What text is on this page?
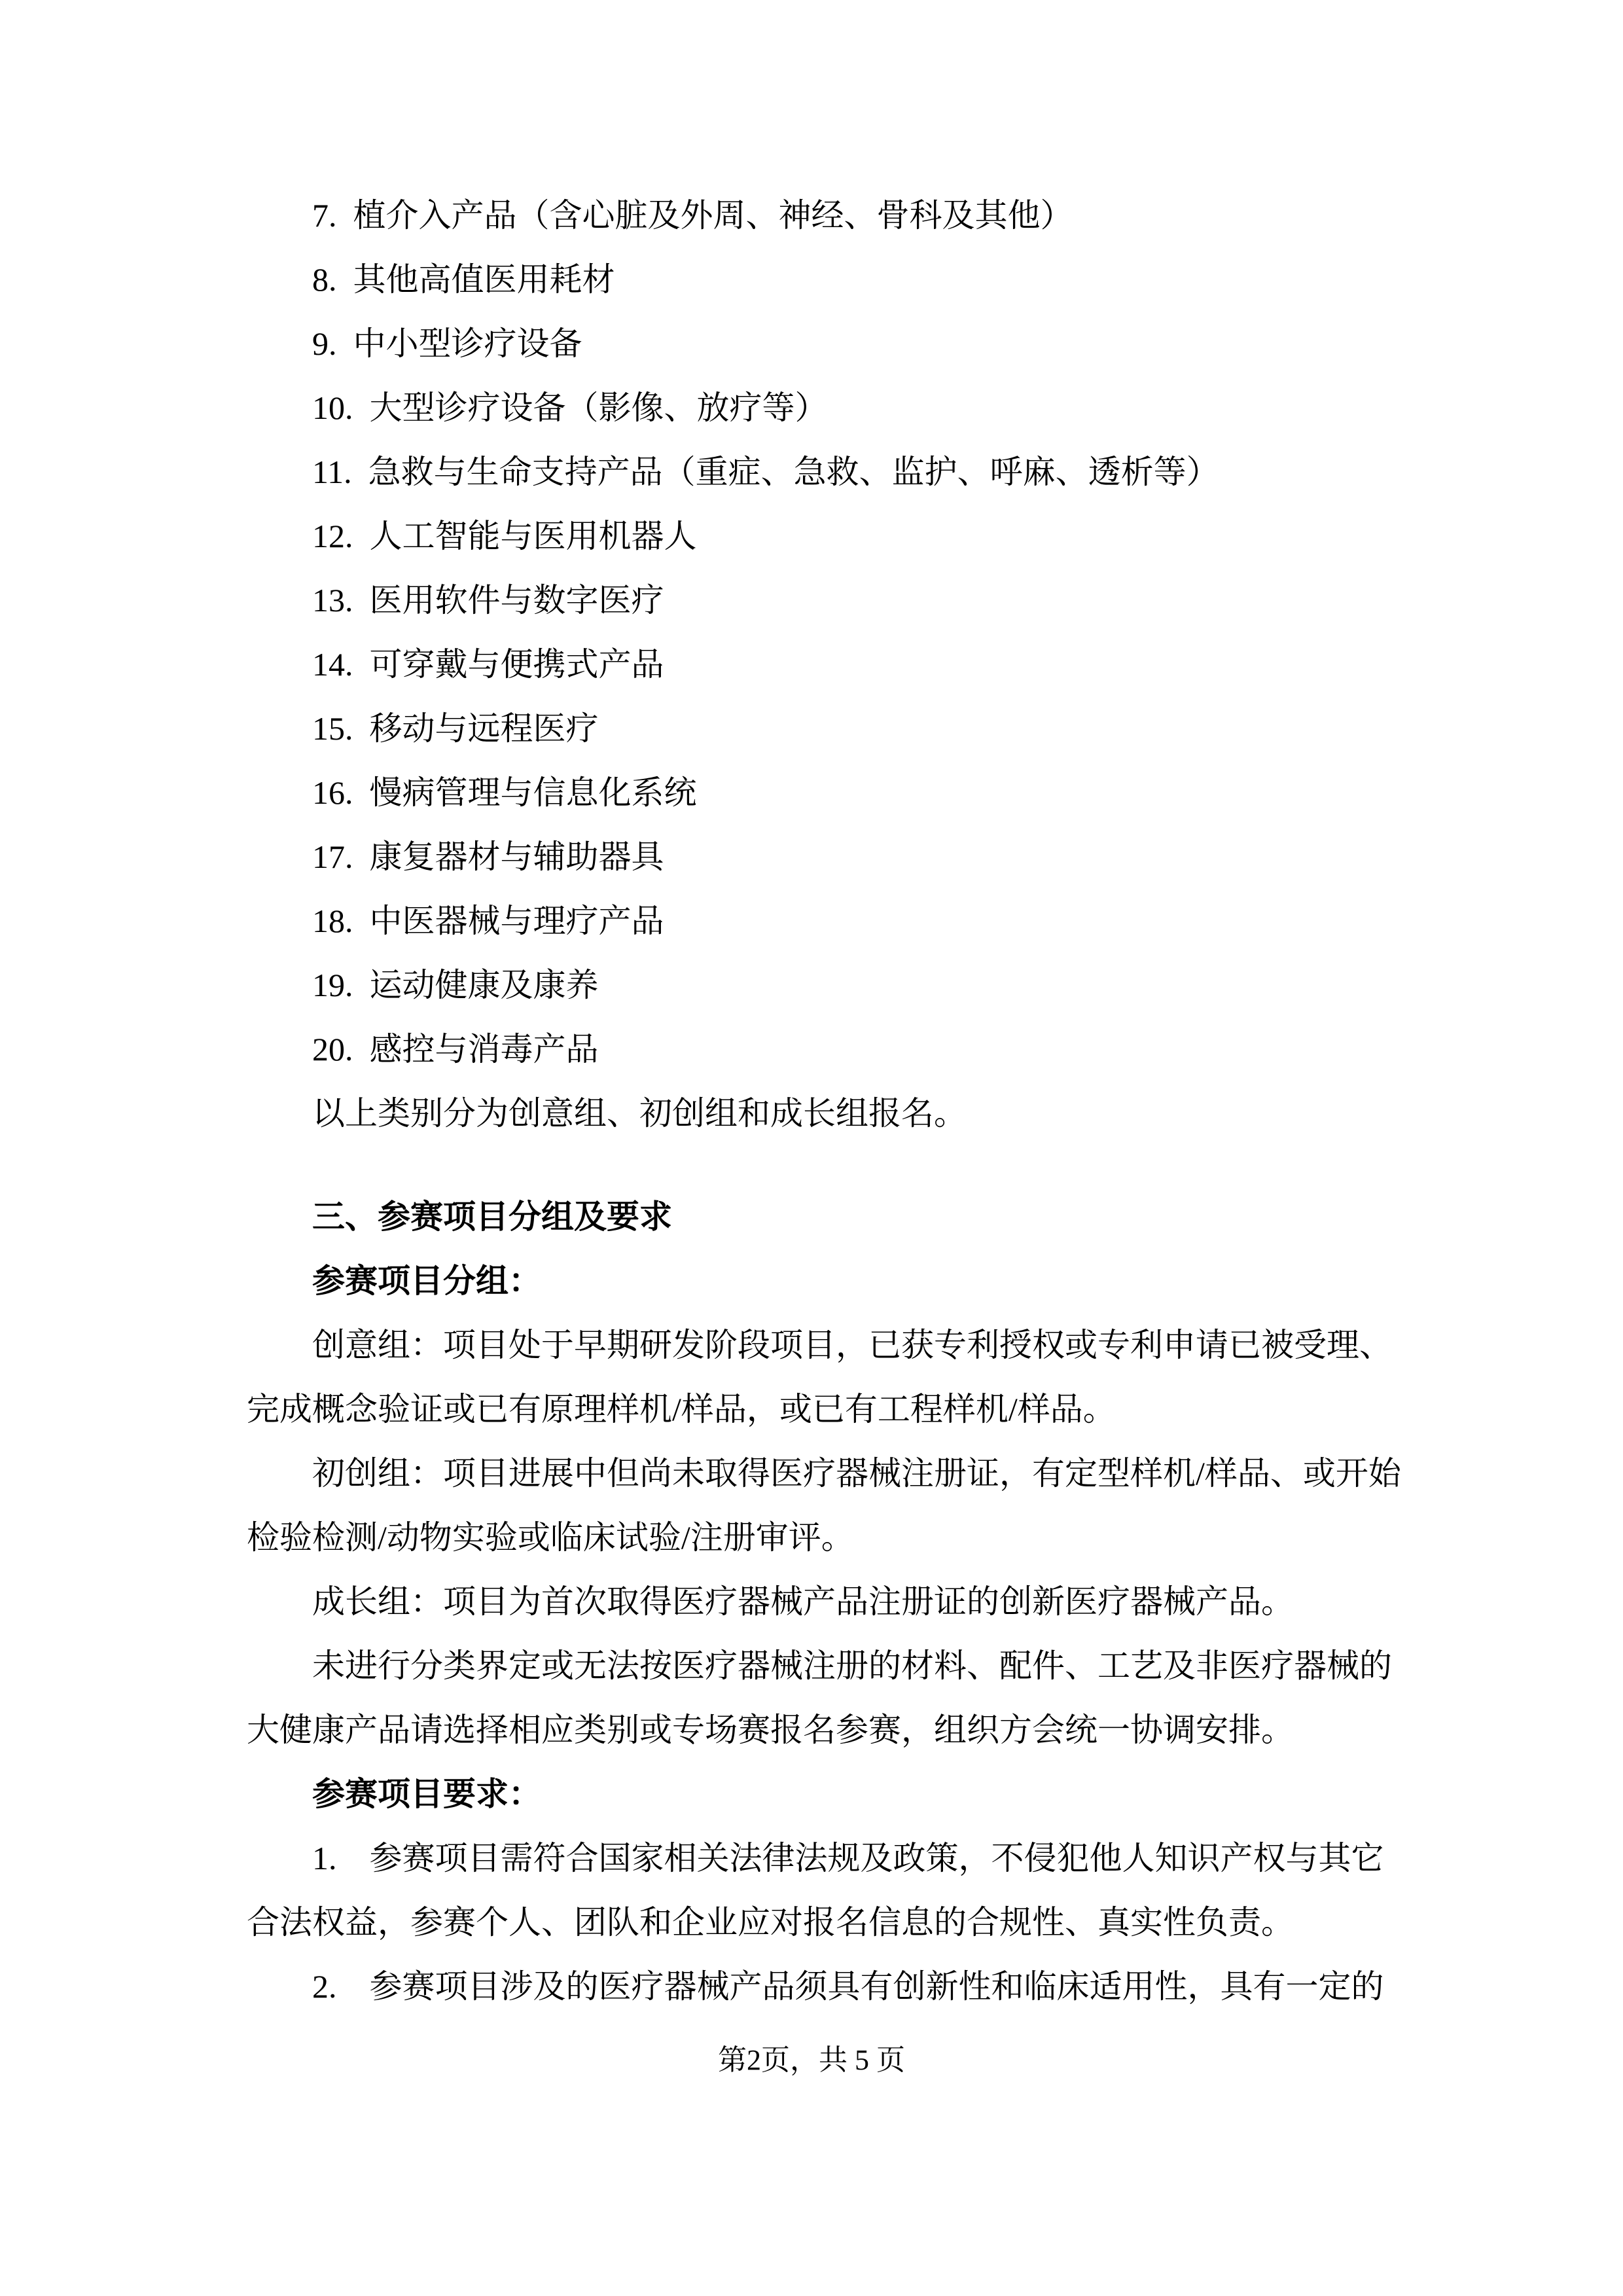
7.  植介入产品（含心脏及外周、神经、骨科及其他）

8.  其他高值医用耗材

9.  中小型诊疗设备

10.  大型诊疗设备（影像、放疗等）

11.  急救与生命支持产品（重症、急救、监护、呼麻、透析等）

12.  人工智能与医用机器人

13.  医用软件与数字医疗

14.  可穿戴与便携式产品

15.  移动与远程医疗

16.  慢病管理与信息化系统

17.  康复器材与辅助器具

18.  中医器械与理疗产品

19.  运动健康及康养

20.  感控与消毒产品

以上类别分为创意组、初创组和成长组报名。

三、参赛项目分组及要求

参赛项目分组：

创意组：项目处于早期研发阶段项目，已获专利授权或专利申请已被受理、

完成概念验证或已有原理样机/样品，或已有工程样机/样品。

初创组：项目进展中但尚未取得医疗器械注册证，有定型样机/样品、或开始

检验检测/动物实验或临床试验/注册审评。

成长组：项目为首次取得医疗器械产品注册证的创新医疗器械产品。

未进行分类界定或无法按医疗器械注册的材料、配件、工艺及非医疗器械的

大健康产品请选择相应类别或专场赛报名参赛，组织方会统一协调安排。

参赛项目要求：

1.    参赛项目需符合国家相关法律法规及政策，不侵犯他人知识产权与其它

合法权益，参赛个人、团队和企业应对报名信息的合规性、真实性负责。

2.    参赛项目涉及的医疗器械产品须具有创新性和临床适用性，具有一定的

第2页，共 5 页
